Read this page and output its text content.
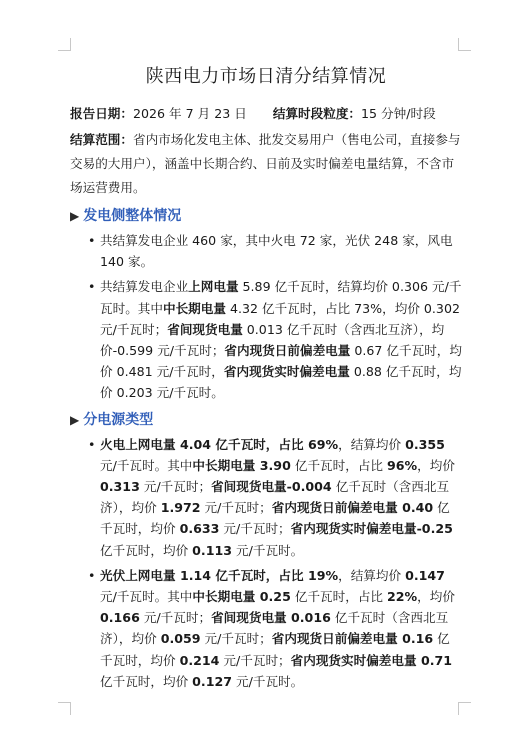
陕西电力市场日清分结算情况

报告日期：2026 年 7 月 23 日 结算时段粒度：15 分钟/时段

结算范围：省内市场化发电主体、批发交易用户（售电公司，直接参与交易的大用户），涵盖中长期合约、日前及实时偏差电量结算，不含市场运营费用。

▶ 发电侧整体情况
• 共结算发电企业 460 家，其中火电 72 家，光伏 248 家，风电 140 家。
• 共结算发电企业上网电量 5.89 亿千瓦时，结算均价 0.306 元/千瓦时。其中中长期电量 4.32 亿千瓦时，占比 73%，均价 0.302 元/千瓦时；省间现货电量 0.013 亿千瓦时（含西北互济），均价-0.599 元/千瓦时；省内现货日前偏差电量 0.67 亿千瓦时，均价 0.481 元/千瓦时，省内现货实时偏差电量 0.88 亿千瓦时，均价 0.203 元/千瓦时。
▶ 分电源类型
• 火电上网电量 4.04 亿千瓦时，占比 69%，结算均价 0.355 元/千瓦时。其中中长期电量 3.90 亿千瓦时，占比 96%，均价 0.313 元/千瓦时；省间现货电量-0.004 亿千瓦时（含西北互济），均价 1.972 元/千瓦时；省内现货日前偏差电量 0.40 亿千瓦时，均价 0.633 元/千瓦时；省内现货实时偏差电量-0.25 亿千瓦时，均价 0.113 元/千瓦时。
• 光伏上网电量 1.14 亿千瓦时，占比 19%，结算均价 0.147 元/千瓦时。其中中长期电量 0.25 亿千瓦时，占比 22%，均价 0.166 元/千瓦时；省间现货电量 0.016 亿千瓦时（含西北互济），均价 0.059 元/千瓦时；省内现货日前偏差电量 0.16 亿千瓦时，均价 0.214 元/千瓦时；省内现货实时偏差电量 0.71 亿千瓦时，均价 0.127 元/千瓦时。
